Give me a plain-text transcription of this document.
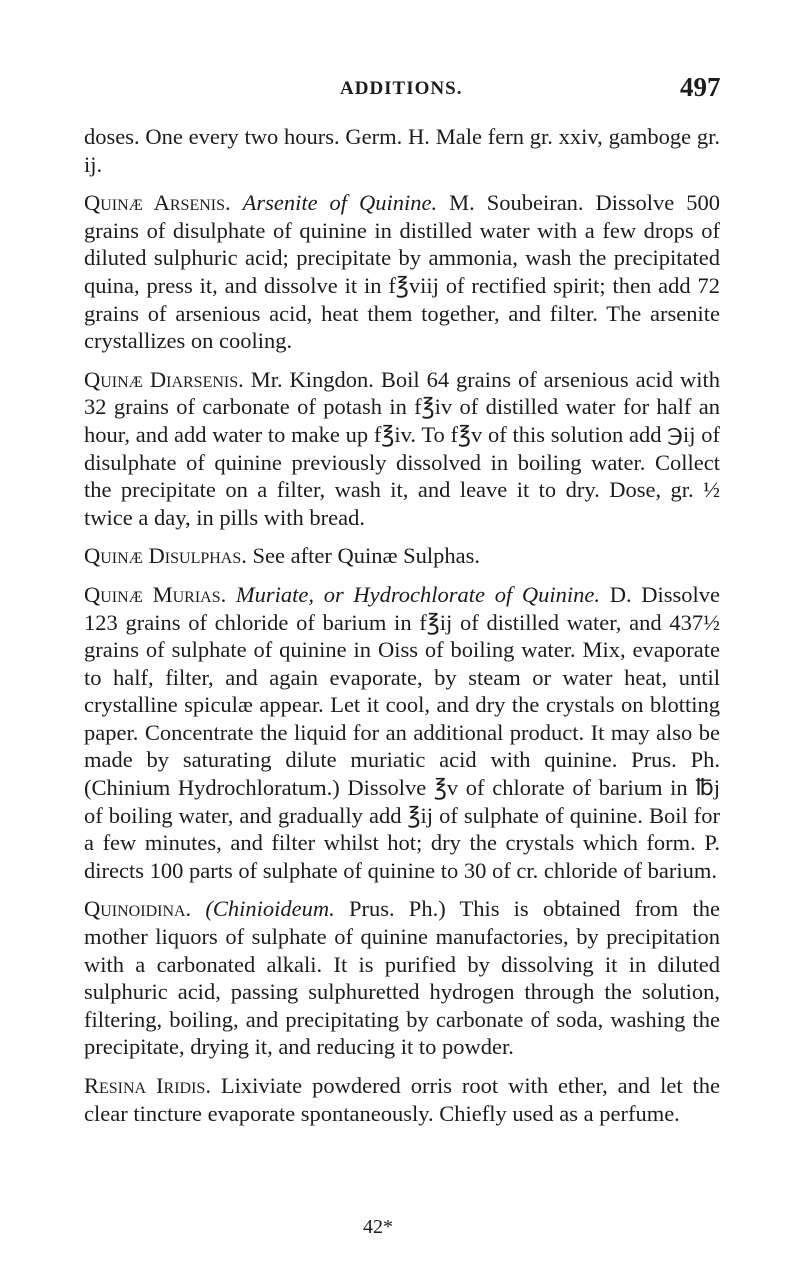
ADDITIONS.	497

doses. One every two hours. Germ. H. Male fern gr. xxiv, gamboge gr. ij.

Quinæ Arsenis. Arsenite of Quinine. M. Soubeiran. Dissolve 500 grains of disulphate of quinine in distilled water with a few drops of diluted sulphuric acid; precipitate by ammonia, wash the precipitated quina, press it, and dissolve it in f℥viij of rectified spirit; then add 72 grains of arsenious acid, heat them together, and filter. The arsenite crystallizes on cooling.

Quinæ Diarsenis. Mr. Kingdon. Boil 64 grains of arsenious acid with 32 grains of carbonate of potash in f℥iv of distilled water for half an hour, and add water to make up f℥iv. To f℥v of this solution add ℈ij of disulphate of quinine previously dissolved in boiling water. Collect the precipitate on a filter, wash it, and leave it to dry. Dose, gr. ½ twice a day, in pills with bread.

Quinæ Disulphas. See after Quinæ Sulphas.

Quinæ Murias. Muriate, or Hydrochlorate of Quinine. D. Dissolve 123 grains of chloride of barium in f℥ij of distilled water, and 437½ grains of sulphate of quinine in Oiss of boiling water. Mix, evaporate to half, filter, and again evaporate, by steam or water heat, until crystalline spiculæ appear. Let it cool, and dry the crystals on blotting paper. Concentrate the liquid for an additional product. It may also be made by saturating dilute muriatic acid with quinine. Prus. Ph. (Chinium Hydrochloratum.) Dissolve ℥v of chlorate of barium in ℔j of boiling water, and gradually add ℥ij of sulphate of quinine. Boil for a few minutes, and filter whilst hot; dry the crystals which form. P. directs 100 parts of sulphate of quinine to 30 of cr. chloride of barium.

Quinoidina. (Chinioideum. Prus. Ph.) This is obtained from the mother liquors of sulphate of quinine manufactories, by precipitation with a carbonated alkali. It is purified by dissolving it in diluted sulphuric acid, passing sulphuretted hydrogen through the solution, filtering, boiling, and precipitating by carbonate of soda, washing the precipitate, drying it, and reducing it to powder.

Resina Iridis. Lixiviate powdered orris root with ether, and let the clear tincture evaporate spontaneously. Chiefly used as a perfume.

42*
